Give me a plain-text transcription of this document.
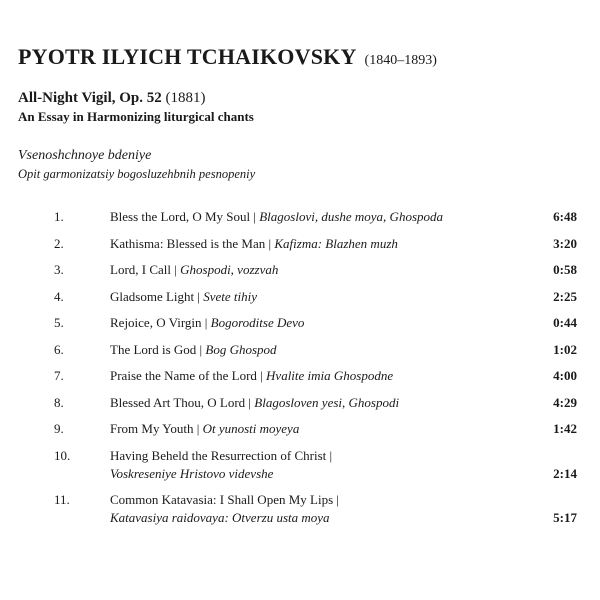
PYOTR ILYICH TCHAIKOVSKY (1840–1893)
All-Night Vigil, Op. 52 (1881)
An Essay in Harmonizing liturgical chants
Vsenoshchnoye bdeniye
Opit garmonizatsiy bogosluzehbnih pesnopeniy
1.	Bless the Lord, O My Soul | Blagoslovi, dushe moya, Ghospoda	6:48
2.	Kathisma: Blessed is the Man | Kafizma: Blazhen muzh	3:20
3.	Lord, I Call | Ghospodi, vozzvah	0:58
4.	Gladsome Light | Svete tihiy	2:25
5.	Rejoice, O Virgin | Bogoroditse Devo	0:44
6.	The Lord is God | Bog Ghospod	1:02
7.	Praise the Name of the Lord | Hvalite imia Ghospodne	4:00
8.	Blessed Art Thou, O Lord | Blagosloven yesi, Ghospodi	4:29
9.	From My Youth | Ot yunosti moyeya	1:42
10.	Having Beheld the Resurrection of Christ |
Voskreseniye Hristovo videvshe	2:14
11.	Common Katavasia: I Shall Open My Lips |
Katavasiya raidovaya: Otverzu usta moya	5:17
